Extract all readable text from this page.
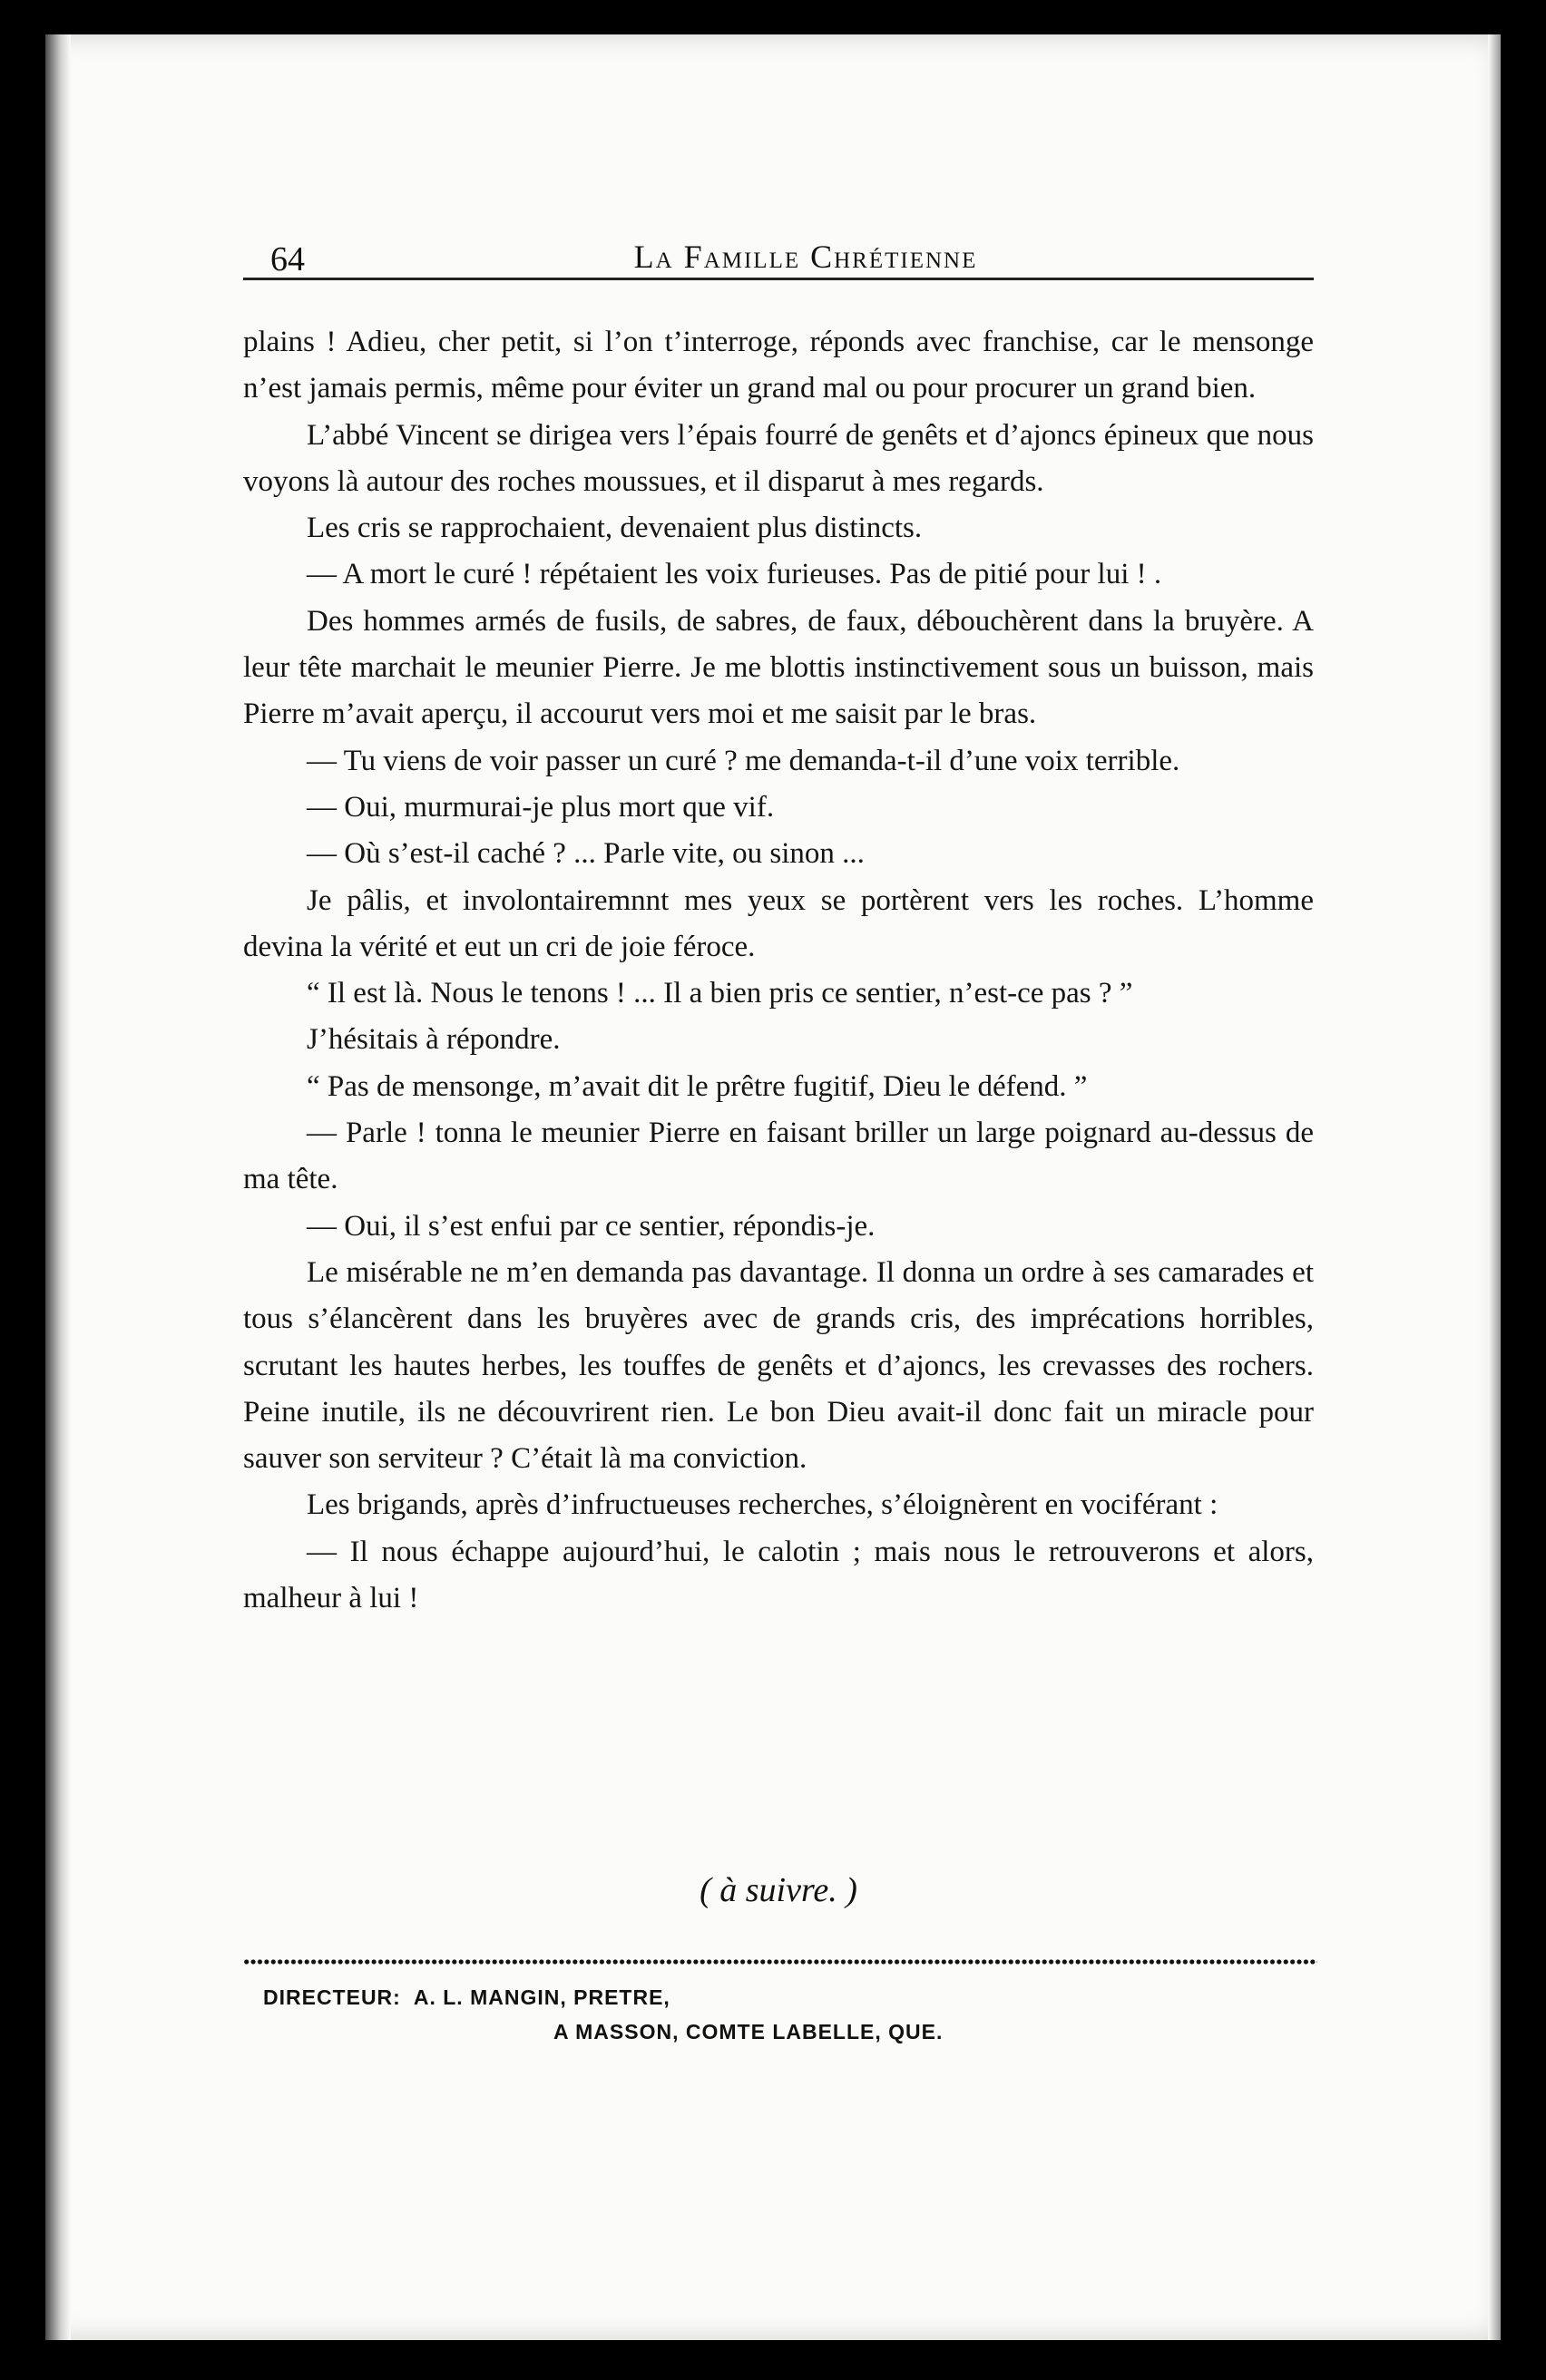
64	La Famille Chrétienne

plains ! Adieu, cher petit, si l’on t’interroge, réponds avec franchise, car le mensonge n’est jamais permis, même pour éviter un grand mal ou pour procurer un grand bien.

L’abbé Vincent se dirigea vers l’épais fourré de genêts et d’ajoncs épineux que nous voyons là autour des roches moussues, et il disparut à mes regards.

Les cris se rapprochaient, devenaient plus distincts.

— A mort le curé ! répétaient les voix furieuses. Pas de pitié pour lui ! .

Des hommes armés de fusils, de sabres, de faux, débouchèrent dans la bruyère. A leur tête marchait le meunier Pierre. Je me blottis instinctivement sous un buisson, mais Pierre m’avait aperçu, il accourut vers moi et me saisit par le bras.

— Tu viens de voir passer un curé ? me demanda-t-il d’une voix terrible.

— Oui, murmurai-je plus mort que vif.

— Où s’est-il caché ? ... Parle vite, ou sinon ...

Je pâlis, et involontairemnnt mes yeux se portèrent vers les roches. L’homme devina la vérité et eut un cri de joie féroce.

“ Il est là. Nous le tenons ! ... Il a bien pris ce sentier, n’est-ce pas ? ”

J’hésitais à répondre.

“ Pas de mensonge, m’avait dit le prêtre fugitif, Dieu le défend. ”

— Parle ! tonna le meunier Pierre en faisant briller un large poignard au-dessus de ma tête.

— Oui, il s’est enfui par ce sentier, répondis-je.

Le misérable ne m’en demanda pas davantage. Il donna un ordre à ses camarades et tous s’élancèrent dans les bruyères avec de grands cris, des imprécations horribles, scrutant les hautes herbes, les touffes de genêts et d’ajoncs, les crevasses des rochers. Peine inutile, ils ne découvrirent rien. Le bon Dieu avait-il donc fait un miracle pour sauver son serviteur ? C’était là ma conviction.

Les brigands, après d’infructueuses recherches, s’éloignèrent en vociférant :

— Il nous échappe aujourd’hui, le calotin ; mais nous le retrouverons et alors, malheur à lui !

( à suivre. )
DIRECTEUR: A. L. MANGIN, PRETRE,
A MASSON, COMTE LABELLE, QUE.
